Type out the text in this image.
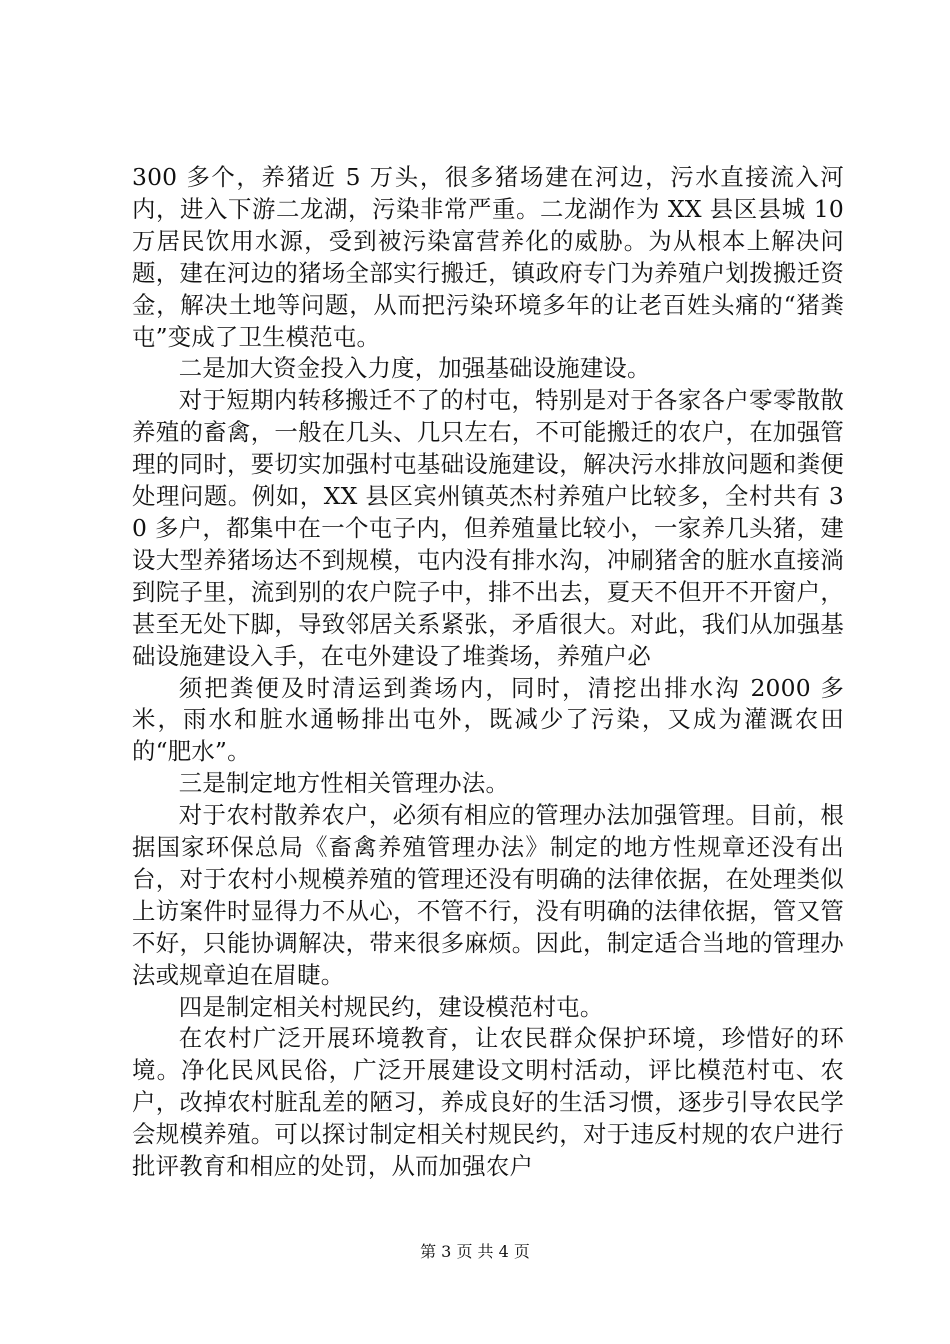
300 多个，养猪近 5 万头，很多猪场建在河边，污水直接流入河内，进入下游二龙湖，污染非常严重。二龙湖作为 XX 县区县城 10 万居民饮用水源，受到被污染富营养化的威胁。为从根本上解决问题，建在河边的猪场全部实行搬迁，镇政府专门为养殖户划拨搬迁资金，解决土地等问题，从而把污染环境多年的让老百姓头痛的“猪粪屯”变成了卫生模范屯。

二是加大资金投入力度，加强基础设施建设。

对于短期内转移搬迁不了的村屯，特别是对于各家各户零零散散养殖的畜禽，一般在几头、几只左右，不可能搬迁的农户，在加强管理的同时，要切实加强村屯基础设施建设，解决污水排放问题和粪便处理问题。例如，XX 县区宾州镇英杰村养殖户比较多，全村共有 30 多户，都集中在一个屯子内，但养殖量比较小，一家养几头猪，建设大型养猪场达不到规模，屯内没有排水沟，冲刷猪舍的脏水直接淌到院子里，流到别的农户院子中，排不出去，夏天不但开不开窗户，甚至无处下脚，导致邻居关系紧张，矛盾很大。对此，我们从加强基础设施建设入手，在屯外建设了堆粪场，养殖户必

须把粪便及时清运到粪场内，同时，清挖出排水沟 2000 多米，雨水和脏水通畅排出屯外，既减少了污染，又成为灌溉农田的“肥水”。

三是制定地方性相关管理办法。

对于农村散养农户，必须有相应的管理办法加强管理。目前，根据国家环保总局《畜禽养殖管理办法》制定的地方性规章还没有出台，对于农村小规模养殖的管理还没有明确的法律依据，在处理类似上访案件时显得力不从心，不管不行，没有明确的法律依据，管又管不好，只能协调解决，带来很多麻烦。因此，制定适合当地的管理办法或规章迫在眉睫。

四是制定相关村规民约，建设模范村屯。

在农村广泛开展环境教育，让农民群众保护环境，珍惜好的环境。净化民风民俗，广泛开展建设文明村活动，评比模范村屯、农户，改掉农村脏乱差的陋习，养成良好的生活习惯，逐步引导农民学会规模养殖。可以探讨制定相关村规民约，对于违反村规的农户进行批评教育和相应的处罚，从而加强农户

第 3 页 共 4 页
